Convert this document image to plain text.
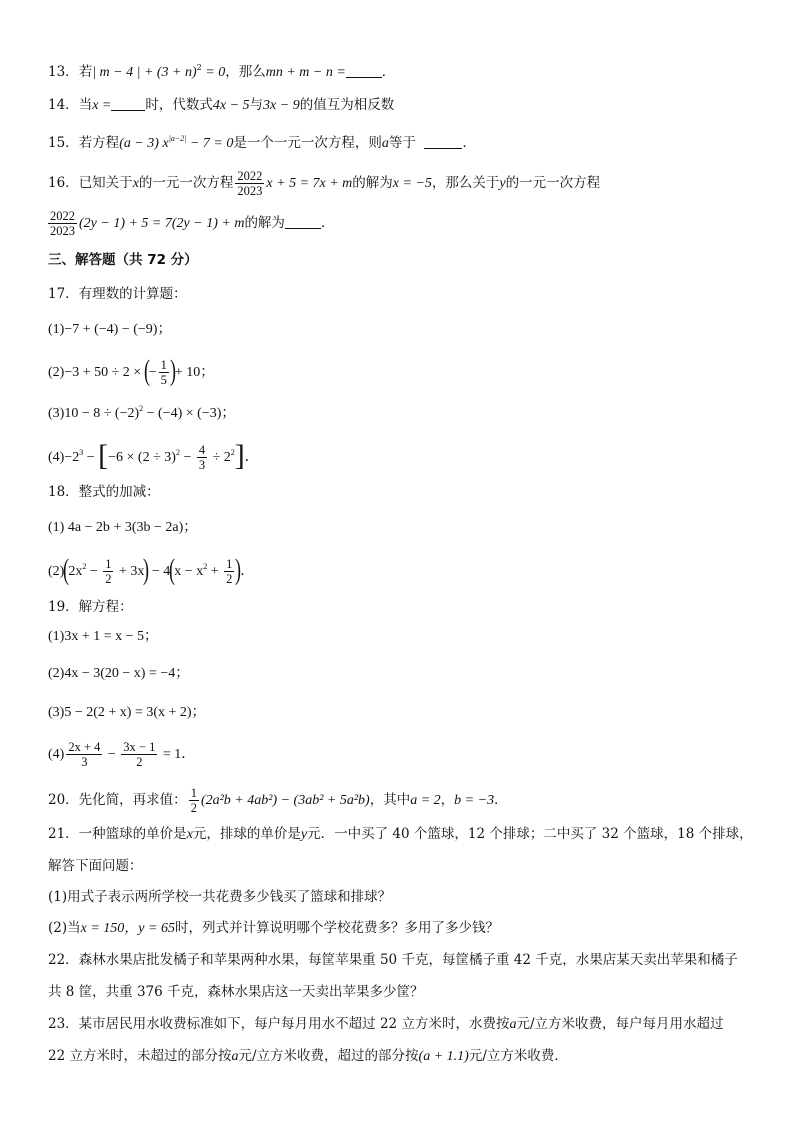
13．若| m − 4 | + $(3 + n)^2 = 0$，那么mn + m − n =	．
14．当x =	时，代数式4x − 5与3x − 9的值互为相反数
15．若方程(a − 3) $x^{|a-2|} - 7 = 0$是一个一元一次方程，则a等于	．
16．已知关于x的一元一次方程 $\frac{2022}{2023}$ x + 5 = 7x + m的解为x = −5，那么关于y的一元一次方程
$\frac{2022}{2023} (2y - 1) + 5 = 7(2y - 1) + m$的解为	．
三、解答题（共 72 分）
17．有理数的计算题：
(1)−7 + (−4) − (−9)；
(2)−3 + 50 ÷ 2 × (− $\frac{1}{5}$ )+ 10；
$(3)10 - 8 \div (-2)^2 - (-4) \times (-3)$；
$(4)-2^3 - [-6 \times (2 \div 3)^2 - \frac{4}{3} \div 2^2]$．
18．整式的加减：
(1) 4a − 2b + 3(3b − 2a)；
$(2)(2x^2 - \frac{1}{2} + 3x) - 4(x - x^2 + \frac{1}{2}$ )．
19．解方程：
(1)3x + 1 = x − 5；
(2)4x − 3(20 − x) = −4；
(3)5 − 2(2 + x) = 3(x + 2)；
$(4) \frac{2x + 4}{3} - \frac{3x - 1}{2} = 1$．
20．先化简，再求值： $\frac{1}{2} (2a^2b + 4ab^2) - (3ab^2 + 5a^2b)$，其中a = 2，b = −3．
21．一种篮球的单价是x元，排球的单价是y元．一中买了 40 个篮球，12 个排球；二中买了 32 个篮球，18 个排球，
解答下面问题：
(1)用式子表示两所学校一共花费多少钱买了篮球和排球？
(2)当x = 150，y = 65时，列式并计算说明哪个学校花费多？多用了多少钱？
22．森林水果店批发橘子和苹果两种水果，每筐苹果重 50 千克，每筐橘子重 42 千克，水果店某天卖出苹果和橘子
共 8 筐，共重 376 千克，森林水果店这一天卖出苹果多少筐？
23．某市居民用水收费标准如下，每户每月用水不超过 22 立方米时，水费按a元/立方米收费，每户每月用水超过
22 立方米时，未超过的部分按a元/立方米收费，超过的部分按(a + 1.1)元/立方米收费．
